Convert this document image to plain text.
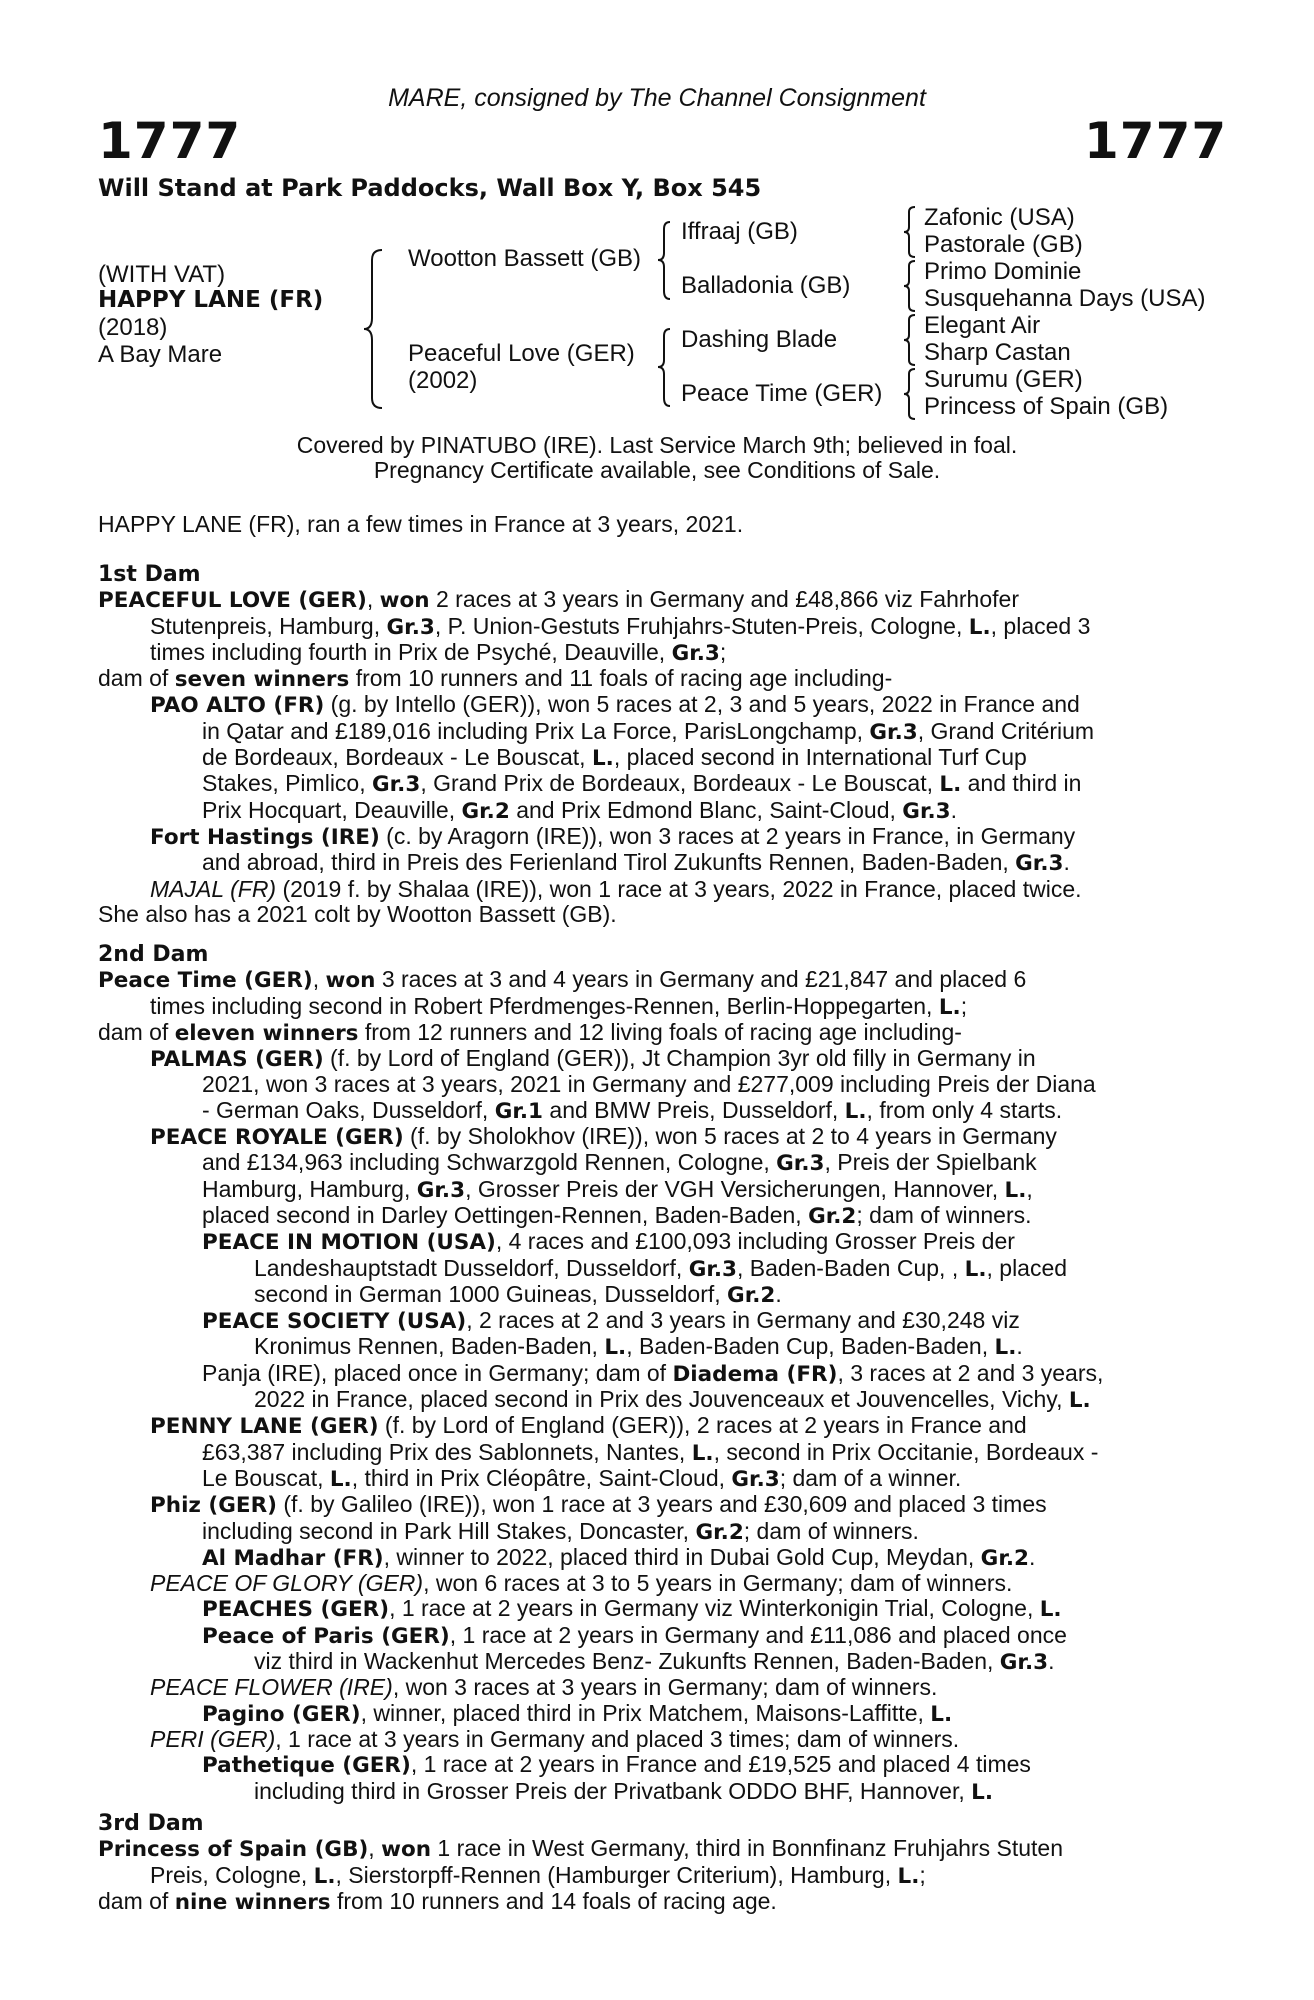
MARE, consigned by The Channel Consignment
1777	1777
Will Stand at Park Paddocks, Wall Box Y, Box 545
(WITH VAT)
HAPPY LANE (FR)
(2018)
A Bay Mare
Wootton Bassett (GB)
Peaceful Love (GER)
(2002)
Iffraaj (GB)
Balladonia (GB)
Dashing Blade
Peace Time (GER)
Zafonic (USA)
Pastorale (GB)
Primo Dominie
Susquehanna Days (USA)
Elegant Air
Sharp Castan
Surumu (GER)
Princess of Spain (GB)
Covered by PINATUBO (IRE). Last Service March 9th; believed in foal.
Pregnancy Certificate available, see Conditions of Sale.
HAPPY LANE (FR), ran a few times in France at 3 years, 2021.
1st Dam
PEACEFUL LOVE (GER), won 2 races at 3 years in Germany and £48,866 viz Fahrhofer
Stutenpreis, Hamburg, Gr.3, P. Union-Gestuts Fruhjahrs-Stuten-Preis, Cologne, L., placed 3
times including fourth in Prix de Psyché, Deauville, Gr.3;
dam of seven winners from 10 runners and 11 foals of racing age including-
PAO ALTO (FR) (g. by Intello (GER)), won 5 races at 2, 3 and 5 years, 2022 in France and
in Qatar and £189,016 including Prix La Force, ParisLongchamp, Gr.3, Grand Critérium
de Bordeaux, Bordeaux - Le Bouscat, L., placed second in International Turf Cup
Stakes, Pimlico, Gr.3, Grand Prix de Bordeaux, Bordeaux - Le Bouscat, L. and third in
Prix Hocquart, Deauville, Gr.2 and Prix Edmond Blanc, Saint-Cloud, Gr.3.
Fort Hastings (IRE) (c. by Aragorn (IRE)), won 3 races at 2 years in France, in Germany
and abroad, third in Preis des Ferienland Tirol Zukunfts Rennen, Baden-Baden, Gr.3.
MAJAL (FR) (2019 f. by Shalaa (IRE)), won 1 race at 3 years, 2022 in France, placed twice.
She also has a 2021 colt by Wootton Bassett (GB).
2nd Dam
Peace Time (GER), won 3 races at 3 and 4 years in Germany and £21,847 and placed 6
times including second in Robert Pferdmenges-Rennen, Berlin-Hoppegarten, L.;
dam of eleven winners from 12 runners and 12 living foals of racing age including-
PALMAS (GER) (f. by Lord of England (GER)), Jt Champion 3yr old filly in Germany in
2021, won 3 races at 3 years, 2021 in Germany and £277,009 including Preis der Diana
- German Oaks, Dusseldorf, Gr.1 and BMW Preis, Dusseldorf, L., from only 4 starts.
PEACE ROYALE (GER) (f. by Sholokhov (IRE)), won 5 races at 2 to 4 years in Germany
and £134,963 including Schwarzgold Rennen, Cologne, Gr.3, Preis der Spielbank
Hamburg, Hamburg, Gr.3, Grosser Preis der VGH Versicherungen, Hannover, L.,
placed second in Darley Oettingen-Rennen, Baden-Baden, Gr.2; dam of winners.
PEACE IN MOTION (USA), 4 races and £100,093 including Grosser Preis der
Landeshauptstadt Dusseldorf, Dusseldorf, Gr.3, Baden-Baden Cup, , L., placed
second in German 1000 Guineas, Dusseldorf, Gr.2.
PEACE SOCIETY (USA), 2 races at 2 and 3 years in Germany and £30,248 viz
Kronimus Rennen, Baden-Baden, L., Baden-Baden Cup, Baden-Baden, L..
Panja (IRE), placed once in Germany; dam of Diadema (FR), 3 races at 2 and 3 years,
2022 in France, placed second in Prix des Jouvenceaux et Jouvencelles, Vichy, L.
PENNY LANE (GER) (f. by Lord of England (GER)), 2 races at 2 years in France and
£63,387 including Prix des Sablonnets, Nantes, L., second in Prix Occitanie, Bordeaux -
Le Bouscat, L., third in Prix Cléopâtre, Saint-Cloud, Gr.3; dam of a winner.
Phiz (GER) (f. by Galileo (IRE)), won 1 race at 3 years and £30,609 and placed 3 times
including second in Park Hill Stakes, Doncaster, Gr.2; dam of winners.
Al Madhar (FR), winner to 2022, placed third in Dubai Gold Cup, Meydan, Gr.2.
PEACE OF GLORY (GER), won 6 races at 3 to 5 years in Germany; dam of winners.
PEACHES (GER), 1 race at 2 years in Germany viz Winterkonigin Trial, Cologne, L.
Peace of Paris (GER), 1 race at 2 years in Germany and £11,086 and placed once
viz third in Wackenhut Mercedes Benz- Zukunfts Rennen, Baden-Baden, Gr.3.
PEACE FLOWER (IRE), won 3 races at 3 years in Germany; dam of winners.
Pagino (GER), winner, placed third in Prix Matchem, Maisons-Laffitte, L.
PERI (GER), 1 race at 3 years in Germany and placed 3 times; dam of winners.
Pathetique (GER), 1 race at 2 years in France and £19,525 and placed 4 times
including third in Grosser Preis der Privatbank ODDO BHF, Hannover, L.
3rd Dam
Princess of Spain (GB), won 1 race in West Germany, third in Bonnfinanz Fruhjahrs Stuten
Preis, Cologne, L., Sierstorpff-Rennen (Hamburger Criterium), Hamburg, L.;
dam of nine winners from 10 runners and 14 foals of racing age.
